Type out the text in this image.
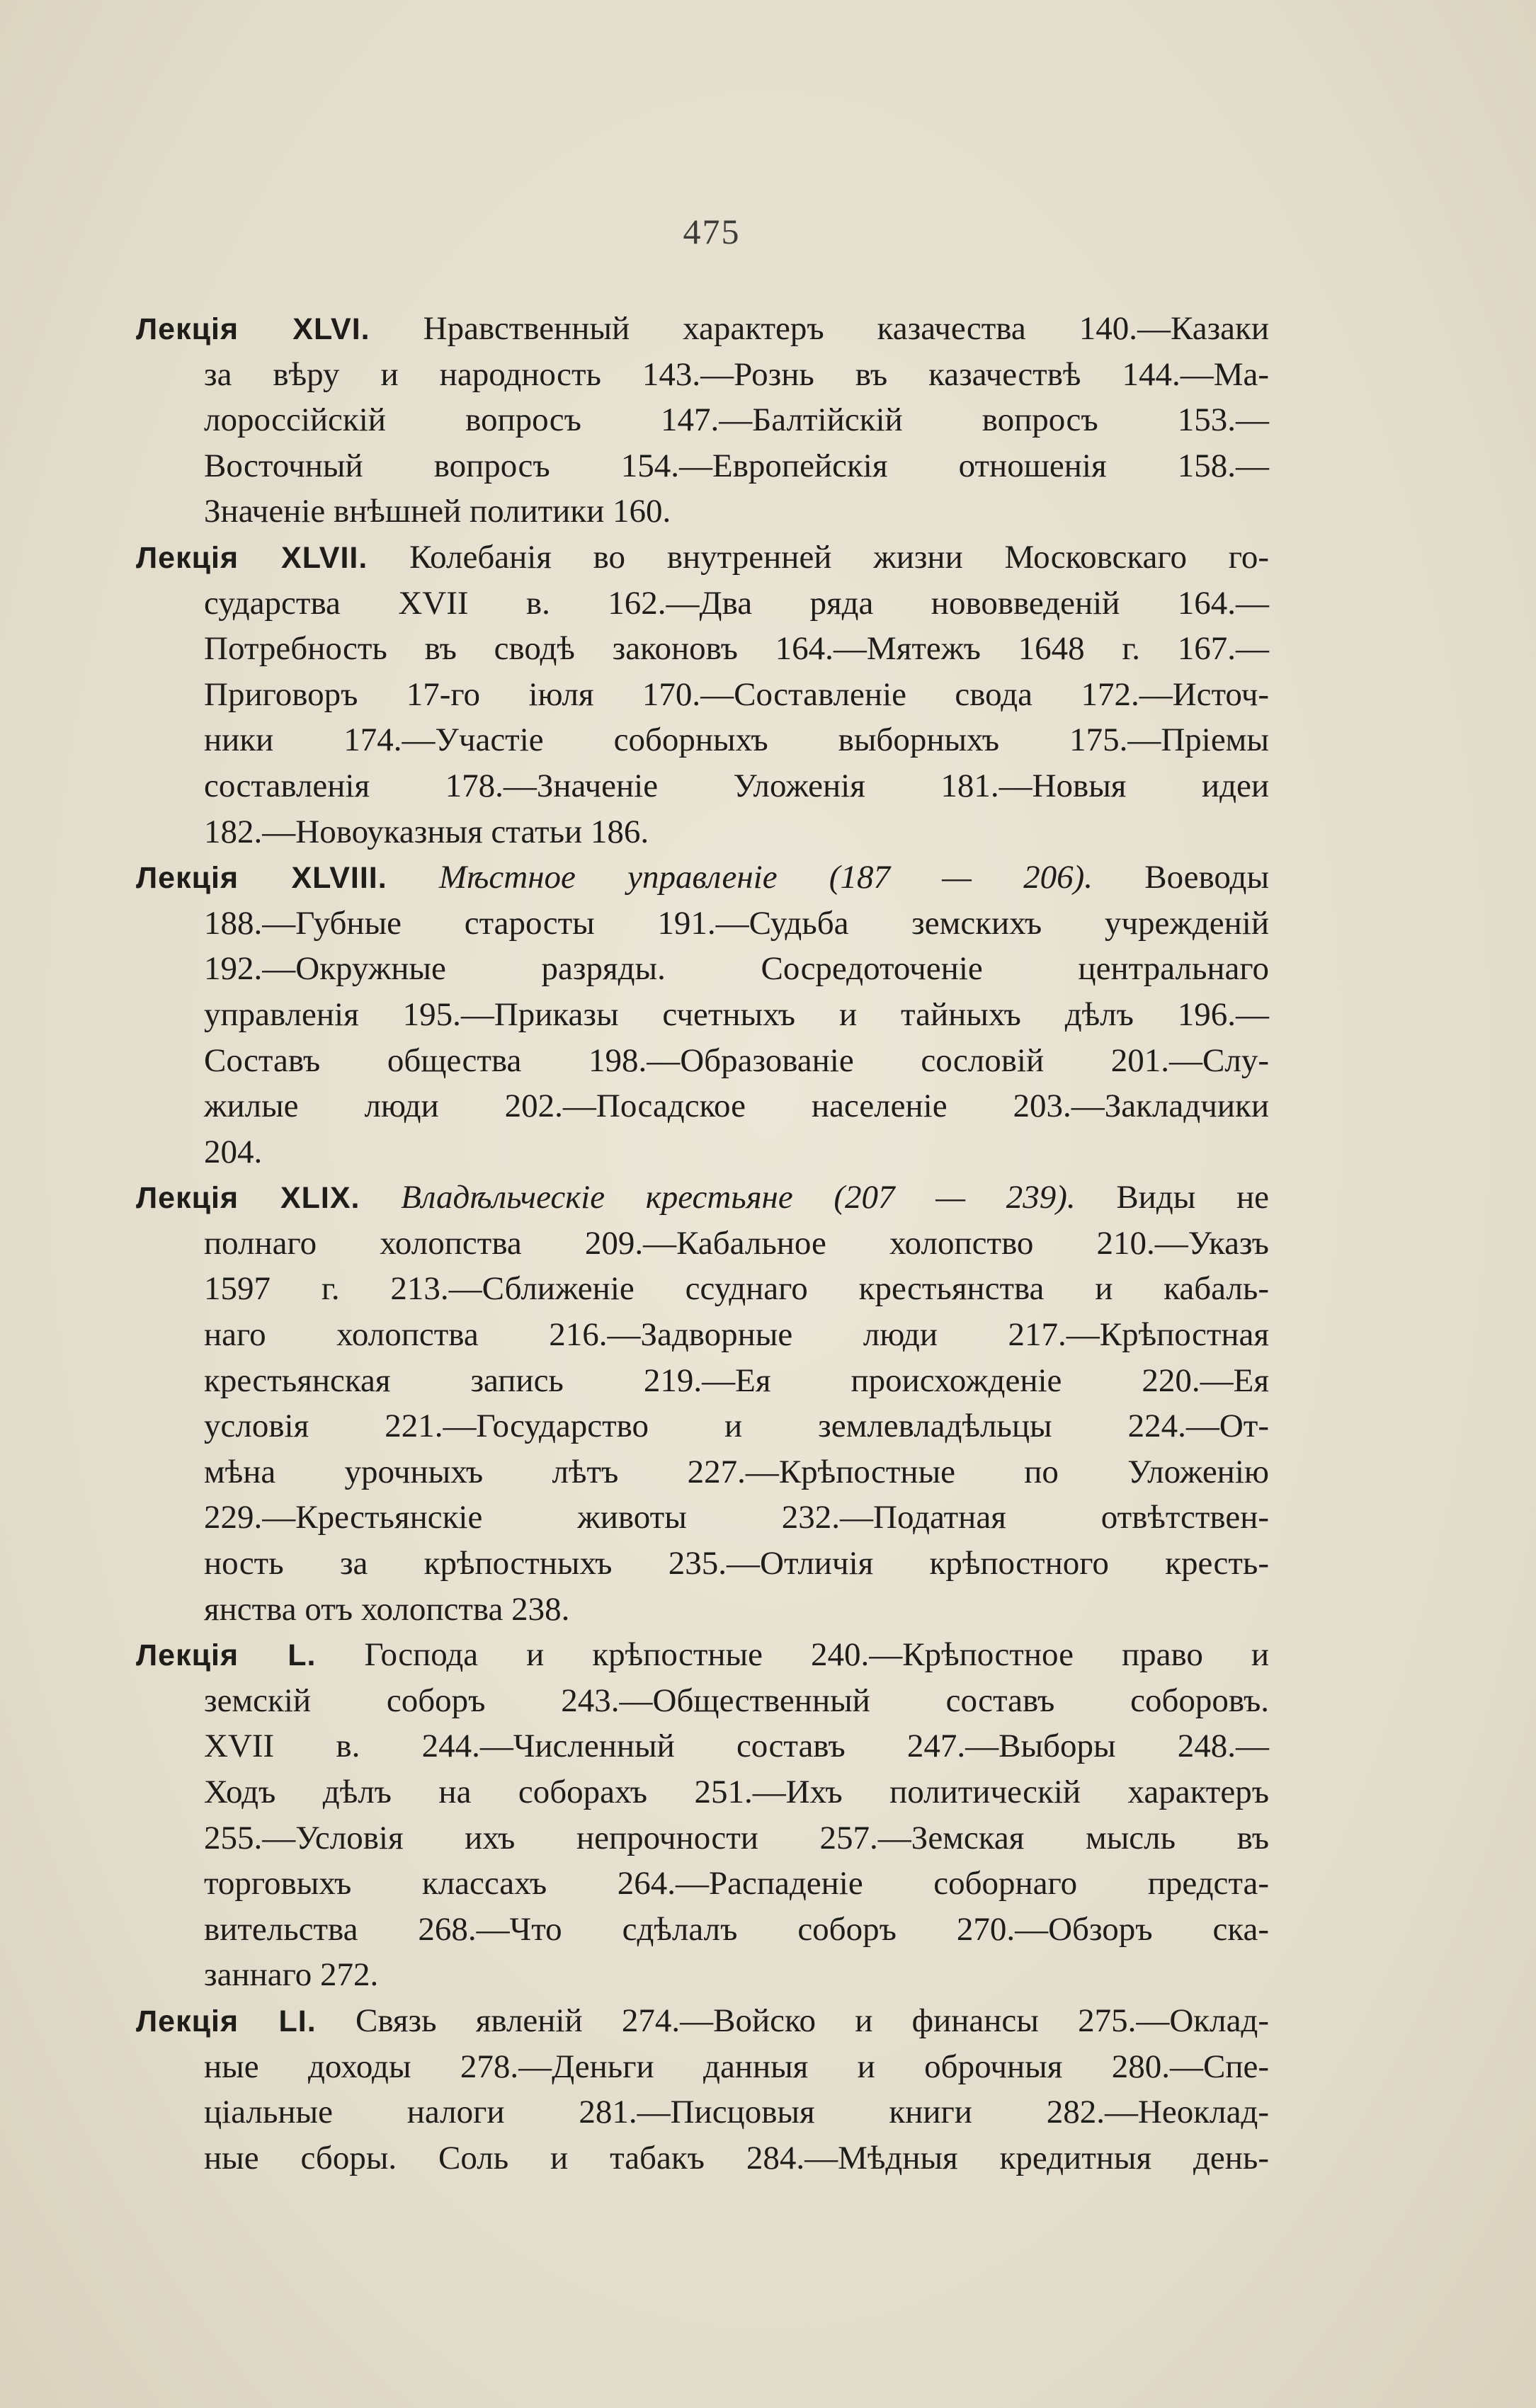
475
Лекція XLVI. Нравственный характеръ казачества 140.—Казаки
за вѣру и народность 143.—Рознь въ казачествѣ 144.—Ма-
лороссійскій вопросъ 147.—Балтійскій вопросъ 153.—
Восточный вопросъ 154.—Европейскія отношенія 158.—
Значеніе внѣшней политики 160.
Лекція XLVII. Колебанія во внутренней жизни Московскаго го-
сударства XVII в. 162.—Два ряда нововведеній 164.—
Потребность въ сводѣ законовъ 164.—Мятежъ 1648 г. 167.—
Приговоръ 17-го іюля 170.—Составленіе свода 172.—Источ-
ники 174.—Участіе соборныхъ выборныхъ 175.—Пріемы
составленія 178.—Значеніе Уложенія 181.—Новыя идеи
182.—Новоуказныя статьи 186.
Лекція XLVIII. Мѣстное управленіе (187 — 206). Воеводы
188.—Губные старосты 191.—Судьба земскихъ учрежденій
192.—Окружные разряды. Сосредоточеніе центральнаго
управленія 195.—Приказы счетныхъ и тайныхъ дѣлъ 196.—
Составъ общества 198.—Образованіе сословій 201.—Слу-
жилые люди 202.—Посадское населеніе 203.—Закладчики
204.
Лекція XLIX. Владѣльческіе крестьяне (207 — 239). Виды не
полнаго холопства 209.—Кабальное холопство 210.—Указъ
1597 г. 213.—Сближеніе ссуднаго крестьянства и кабаль-
наго холопства 216.—Задворные люди 217.—Крѣпостная
крестьянская запись 219.—Ея происхожденіе 220.—Ея
условія 221.—Государство и землевладѣльцы 224.—От-
мѣна урочныхъ лѣтъ 227.—Крѣпостные по Уложенію
229.—Крестьянскіе животы 232.—Податная отвѣтствен-
ность за крѣпостныхъ 235.—Отличія крѣпостного кресть-
янства отъ холопства 238.
Лекція L. Господа и крѣпостные 240.—Крѣпостное право и
земскій соборъ 243.—Общественный составъ соборовъ.
XVII в. 244.—Численный составъ 247.—Выборы 248.—
Ходъ дѣлъ на соборахъ 251.—Ихъ политическій характеръ
255.—Условія ихъ непрочности 257.—Земская мысль въ
торговыхъ классахъ 264.—Распаденіе соборнаго предста-
вительства 268.—Что сдѣлалъ соборъ 270.—Обзоръ ска-
заннаго 272.
Лекція LI. Связь явленій 274.—Войско и финансы 275.—Оклад-
ные доходы 278.—Деньги данныя и оброчныя 280.—Спе-
ціальные налоги 281.—Писцовыя книги 282.—Неоклад-
ные сборы. Соль и табакъ 284.—Мѣдныя кредитныя день-
